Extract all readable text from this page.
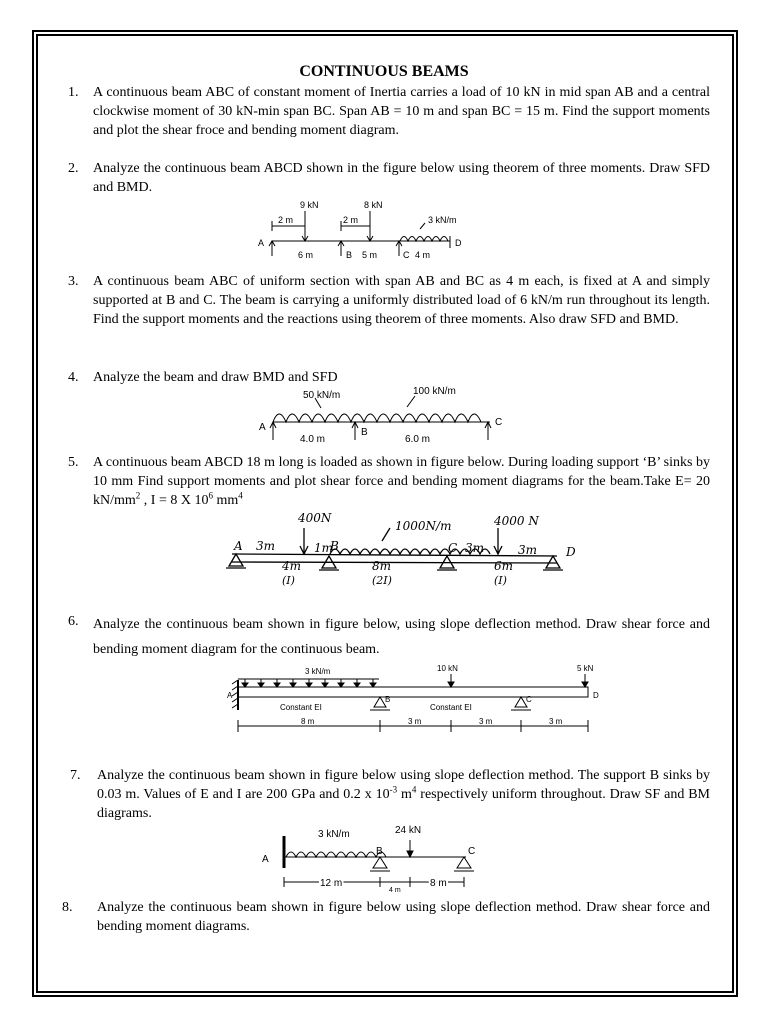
CONTINUOUS BEAMS
1. A continuous beam ABC of constant moment of Inertia carries a load of 10 kN in mid span AB and a central clockwise moment of 30 kN-min span BC. Span AB = 10 m and span BC = 15 m. Find the support moments and plot the shear froce and bending moment diagram.
2. Analyze the continuous beam ABCD shown in the figure below using theorem of three moments. Draw SFD and BMD.
9 kN	8 kN
2 m	2 m	3 kN/m
A
B	C
D
6 m	5 m	4 m
3. A continuous beam ABC of uniform section with span AB and BC as 4 m each, is fixed at A and simply supported at B and C. The beam is carrying a uniformly distributed load of 6 kN/m run throughout its length. Find the support moments and the reactions using theorem of three moments. Also draw SFD and BMD.
4. Analyze the beam and draw BMD and SFD
50 kN/m	100 kN/m
A	B
C
4.0 m	6.0 m
5. A continuous beam ABCD 18 m long is loaded as shown in figure below. During loading support ‘B’ sinks by 10 mm Find support moments and plot shear force and bending moment diagrams for the beam.Take E= 20 $kN/mm^2$ , I = 8 X $10^6$ $mm^4$
400N
1000N/m	4000 N
A 3m	1m
B	C 3m	3m D
4m	8m	6m
(I)	(2I)	(I)
6. Analyze the continuous beam shown in figure below, using slope deflection method. Draw shear force and bending moment diagram for the continuous beam.
3 kN/m	10 kN	5 kN
A	B	C	D
Constant EI	Constant EI
8 m	3 m	3 m	3 m
7. Analyze the continuous beam shown in figure below using slope deflection method. The support B sinks by 0.03 m. Values of E and I are 200 GPa and 0.2 x $10^{-3}$ $m^4$ respectively uniform throughout. Draw SF and BM diagrams.
3 kN/m	24 kN
A
B	C
12 m
4 m
8 m
8. Analyze the continuous beam shown in figure below using slope deflection method. Draw shear force and bending moment diagrams.
